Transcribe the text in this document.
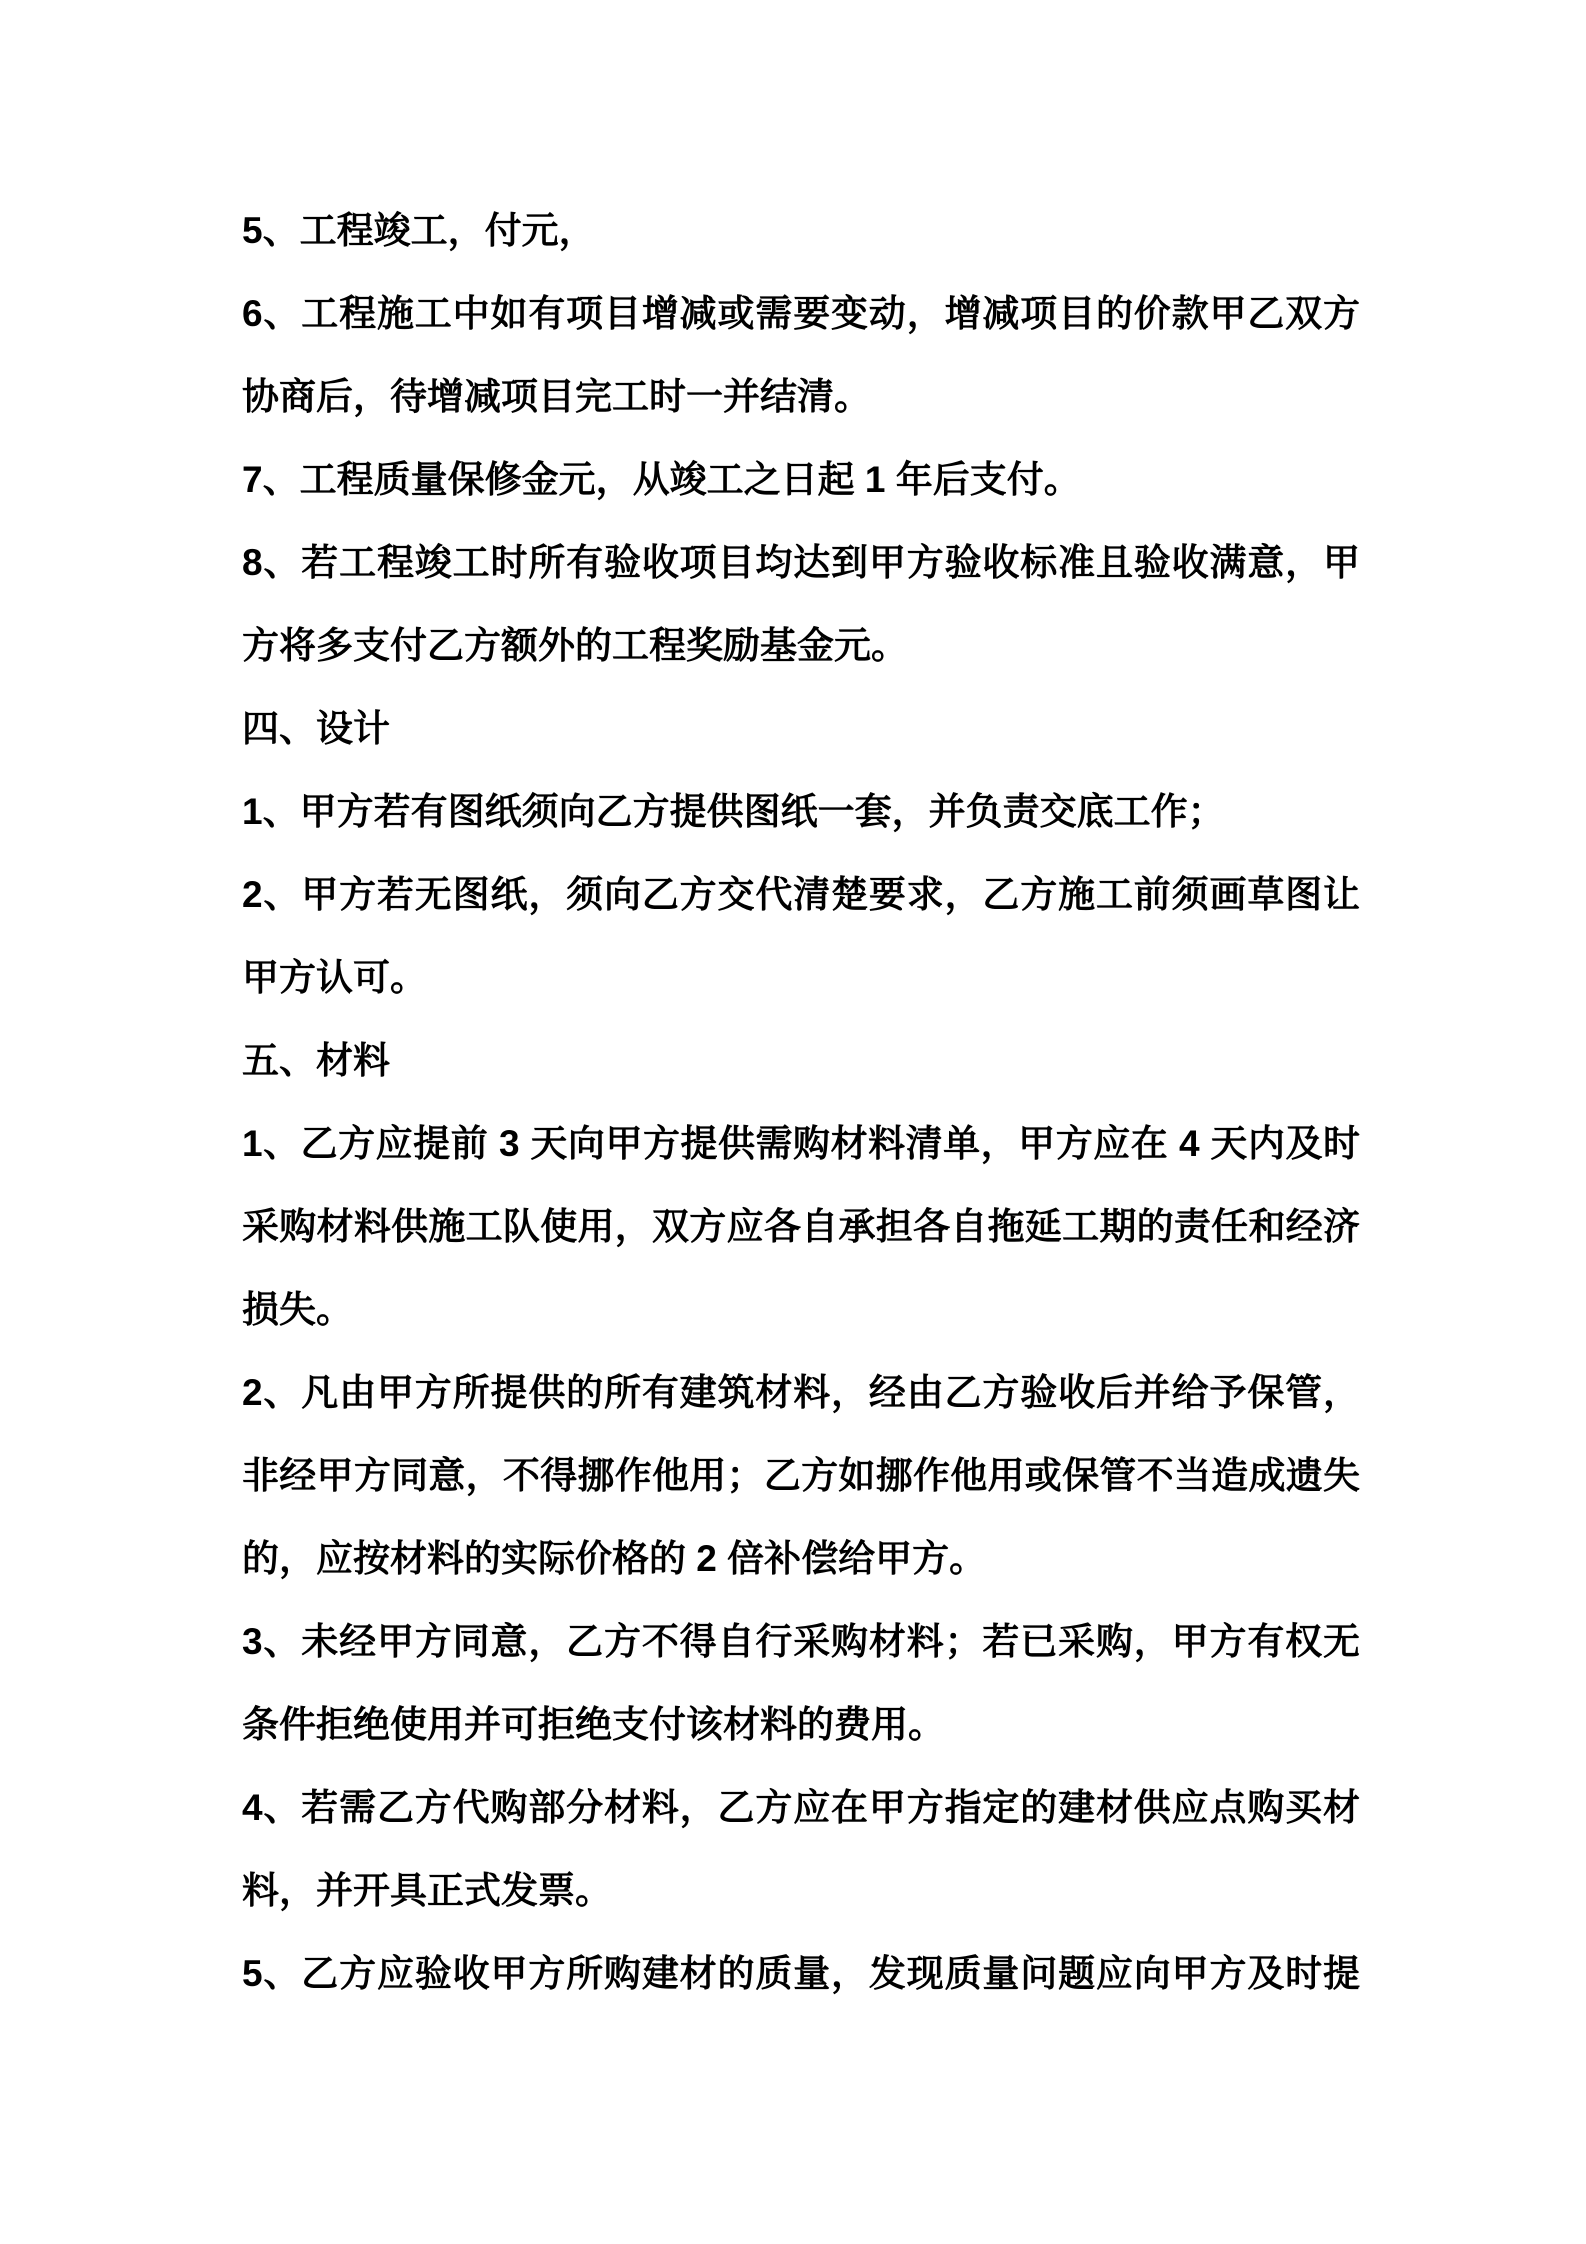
5、工程竣工，付元，
6、工程施工中如有项目增减或需要变动，增减项目的价款甲乙双方
协商后，待增减项目完工时一并结清。
7、工程质量保修金元，从竣工之日起 1 年后支付。
8、若工程竣工时所有验收项目均达到甲方验收标准且验收满意，甲
方将多支付乙方额外的工程奖励基金元。
四、设计
1、甲方若有图纸须向乙方提供图纸一套，并负责交底工作；
2、甲方若无图纸，须向乙方交代清楚要求，乙方施工前须画草图让
甲方认可。
五、材料
1、乙方应提前 3 天向甲方提供需购材料清单，甲方应在 4 天内及时
采购材料供施工队使用，双方应各自承担各自拖延工期的责任和经济
损失。
2、凡由甲方所提供的所有建筑材料，经由乙方验收后并给予保管，
非经甲方同意，不得挪作他用；乙方如挪作他用或保管不当造成遗失
的，应按材料的实际价格的 2 倍补偿给甲方。
3、未经甲方同意，乙方不得自行采购材料；若已采购，甲方有权无
条件拒绝使用并可拒绝支付该材料的费用。
4、若需乙方代购部分材料，乙方应在甲方指定的建材供应点购买材
料，并开具正式发票。
5、乙方应验收甲方所购建材的质量，发现质量问题应向甲方及时提
